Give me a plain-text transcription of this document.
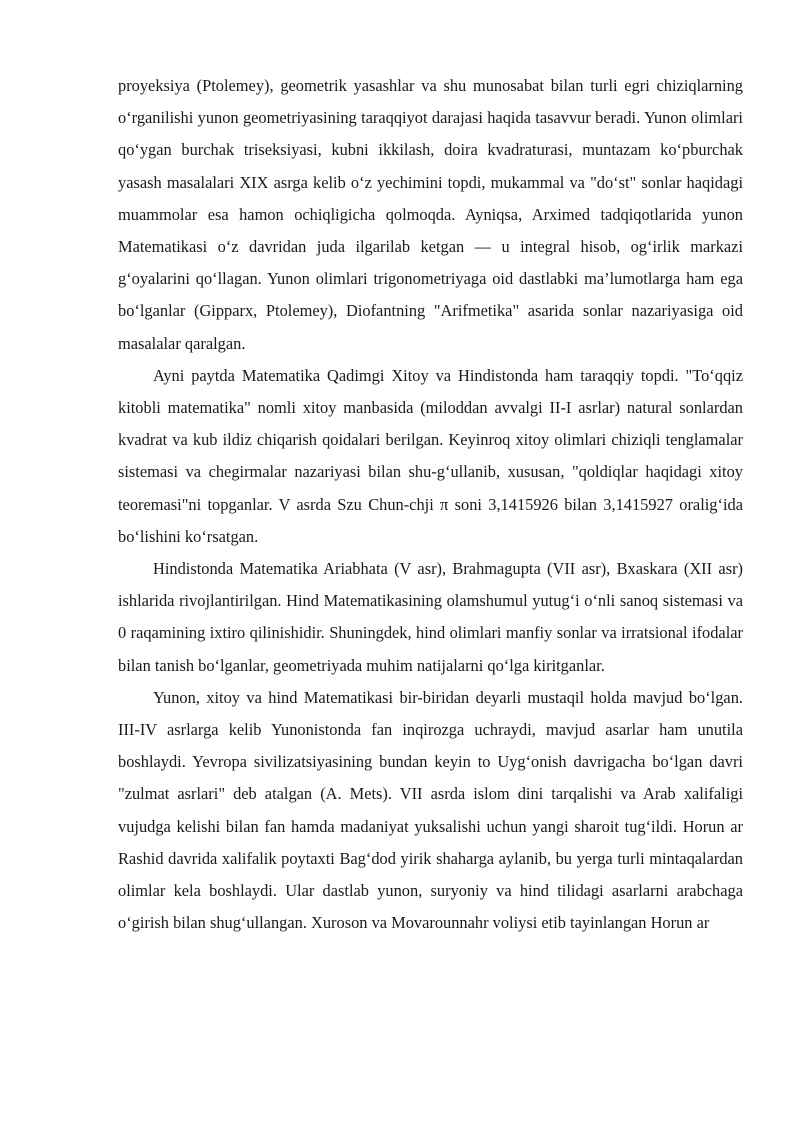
proyeksiya (Ptolemey), geometrik yasashlar va shu munosabat bilan turli egri chiziqlarning o‘rganilishi yunon geometriyasining taraqqiyot darajasi haqida tasavvur beradi. Yunon olimlari qo‘ygan burchak triseksiyasi, kubni ikkilash, doira kvadraturasi, muntazam ko‘pburchak yasash masalalari XIX asrga kelib o‘z yechimini topdi, mukammal va "do‘st" sonlar haqidagi muammolar esa hamon ochiqligicha qolmoqda. Ayniqsa, Arximed tadqiqotlarida yunon Matematikasi o‘z davridan juda ilgarilab ketgan — u integral hisob, og‘irlik markazi g‘oyalarini qo‘llagan. Yunon olimlari trigonometriyaga oid dastlabki ma’lumotlarga ham ega bo‘lganlar (Gipparx, Ptolemey), Diofantning "Arifmetika" asarida sonlar nazariyasiga oid masalalar qaralgan.

Ayni paytda Matematika Qadimgi Xitoy va Hindistonda ham taraqqiy topdi. "To‘qqiz kitobli matematika" nomli xitoy manbasida (miloddan avvalgi II-I asrlar) natural sonlardan kvadrat va kub ildiz chiqarish qoidalari berilgan. Keyinroq xitoy olimlari chiziqli tenglamalar sistemasi va chegirmalar nazariyasi bilan shu-g‘ullanib, xususan, "qoldiqlar haqidagi xitoy teoremasi"ni topganlar. V asrda Szu Chun-chji π soni 3,1415926 bilan 3,1415927 oralig‘ida bo‘lishini ko‘rsatgan.

Hindistonda Matematika Ariabhata (V asr), Brahmagupta (VII asr), Bxaskara (XII asr) ishlarida rivojlantirilgan. Hind Matematikasining olamshumul yutug‘i o‘nli sanoq sistemasi va 0 raqamining ixtiro qilinishidir. Shuningdek, hind olimlari manfiy sonlar va irratsional ifodalar bilan tanish bo‘lganlar, geometriyada muhim natijalarni qo‘lga kiritganlar.

Yunon, xitoy va hind Matematikasi bir-biridan deyarli mustaqil holda mavjud bo‘lgan. III-IV asrlarga kelib Yunonistonda fan inqirozga uchraydi, mavjud asarlar ham unutila boshlaydi. Yevropa sivilizatsiyasining bundan keyin to Uyg‘onish davrigacha bo‘lgan davri "zulmat asrlari" deb atalgan (A. Mets). VII asrda islom dini tarqalishi va Arab xalifaligi vujudga kelishi bilan fan hamda madaniyat yuksalishi uchun yangi sharoit tug‘ildi. Horun ar Rashid davrida xalifalik poytaxti Bag‘dod yirik shaharga aylanib, bu yerga turli mintaqalardan olimlar kela boshlaydi. Ular dastlab yunon, suryoniy va hind tilidagi asarlarni arabchaga o‘girish bilan shug‘ullangan. Xuroson va Movarounnahr voliysi etib tayinlangan Horun ar
